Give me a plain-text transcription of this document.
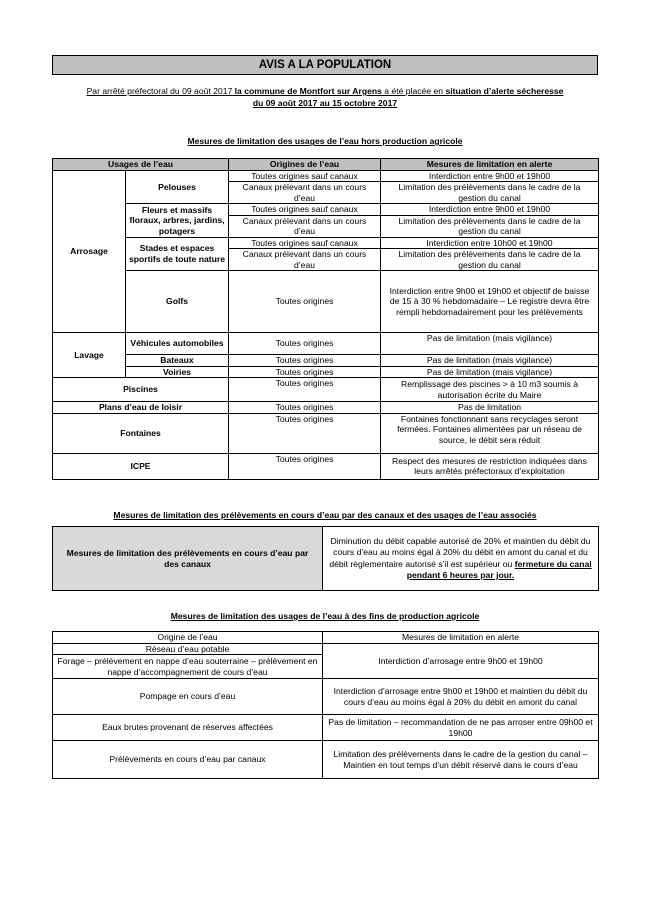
AVIS A LA POPULATION
Par arrêté préfectoral du 09 août 2017 la commune de Montfort sur Argens a été placée en situation d’alerte sécheresse
du 09 août 2017 au 15 octobre 2017
Mesures de limitation des usages de l’eau hors production agricole
Usages de l’eau		Origines de l’eau	Mesures de limitation en alerte
Arrosage	Pelouses	Toutes origines sauf canaux	Interdiction entre 9h00 et 19h00
		Canaux prélevant dans un cours d’eau	Limitation des prélèvements dans le cadre de la gestion du canal
	Fleurs et massifs floraux, arbres, jardins, potagers	Toutes origines sauf canaux	Interdiction entre 9h00 et 19h00
		Canaux prélevant dans un cours d’eau	Limitation des prélèvements dans le cadre de la gestion du canal
	Stades et espaces sportifs de toute nature	Toutes origines sauf canaux	Interdiction entre 10h00 et 19h00
		Canaux prélevant dans un cours d’eau	Limitation des prélèvements dans le cadre de la gestion du canal
	Golfs	Toutes origines	Interdiction entre 9h00 et 19h00 et objectif de baisse de 15 à 30 % hebdomadaire – Le registre devra être rempli hebdomadairement pour les prélèvements

Lavage	Véhicules automobiles	Toutes origines	Pas de limitation (mais vigilance)
	Bateaux	Toutes origines	Pas de limitation (mais vigilance)
	Voiries	Toutes origines	Pas de limitation (mais vigilance)
Piscines		Toutes origines	Remplissage des piscines > à 10 m3 soumis à autorisation écrite du Maire
Plans d’eau de loisir		Toutes origines	Pas de limitation
Fontaines		Toutes origines	Fontaines fonctionnant sans recyclages seront fermées. Fontaines alimentées par un réseau de source, le débit sera réduit
ICPE		Toutes origines	Respect des mesures de restriction indiquées dans leurs arrêtés préfectoraux d’exploitation
Mesures de limitation des prélèvements en cours d’eau par des canaux et des usages de l’eau associés
Mesures de limitation des prélèvements en cours d’eau par des canaux	Diminution du débit capable autorisé de 20% et maintien du débit du cours d’eau au moins égal à 20% du débit en amont du canal et du débit règlementaire autorisé s’il est supérieur ou fermeture du canal pendant 6 heures par jour.
Mesures de limitation des usages de l’eau à des fins de production agricole
Origine de l’eau	Mesures de limitation en alerte
Réseau d’eau potable	Interdiction d’arrosage entre 9h00 et 19h00
Forage – prélèvement en nappe d’eau souterraine – prélèvement en nappe d’accompagnement de cours d’eau	
Pompage en cours d’eau	Interdiction d’arrosage entre 9h00 et 19h00 et maintien du débit du cours d’eau au moins égal à 20% du débit en amont du canal
Eaux brutes provenant de réserves affectées	Pas de limitation – recommandation de ne pas arroser entre 09h00 et 19h00
Prélèvements en cours d’eau par canaux	Limitation des prélèvements dans le cadre de la gestion du canal – Maintien en tout temps d’un débit réservé dans le cours d’eau
